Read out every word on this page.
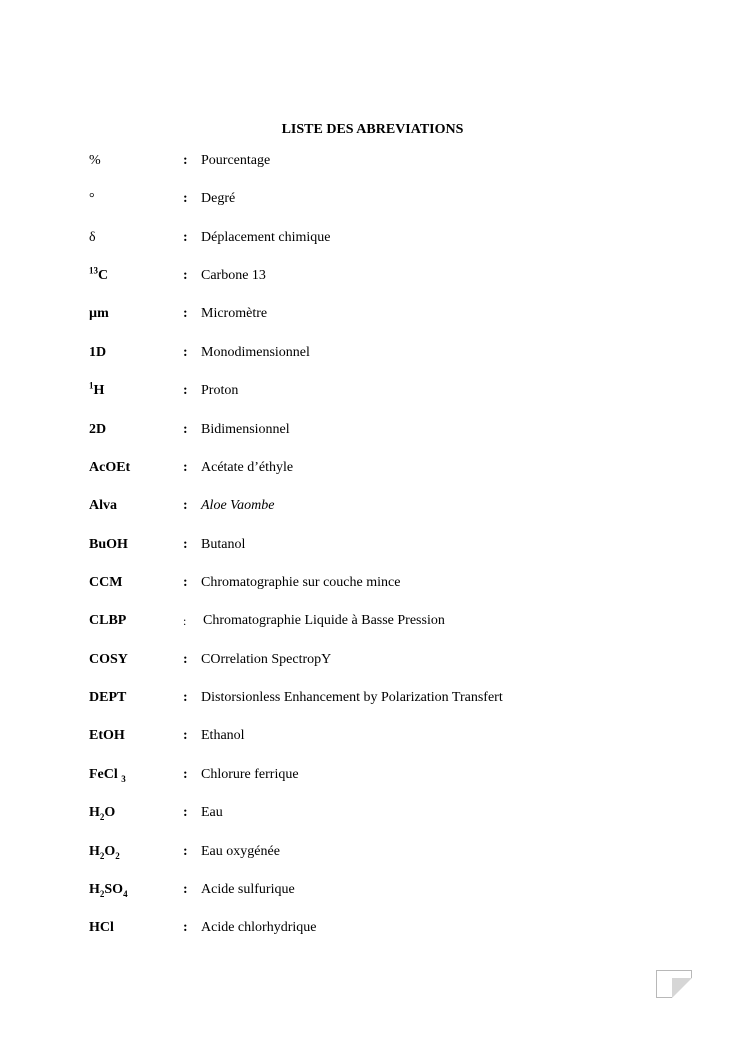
LISTE DES ABREVIATIONS
%	: Pourcentage
°	: Degré
δ	: Déplacement chimique
$^{13}$C	: Carbone 13
µm	: Micromètre
1D	: Monodimensionnel
$^1$H	: Proton
2D	: Bidimensionnel
AcOEt	: Acétate d’éthyle
Alva	: Aloe Vaombe
BuOH	: Butanol
CCM	: Chromatographie sur couche mince
CLBP	: Chromatographie Liquide à Basse Pression
COSY	: COrrelation SpectropY
DEPT	: Distorsionless Enhancement by Polarization Transfert
EtOH	: Ethanol
FeCl $_3$	: Chlorure ferrique
$H_2O$	: Eau
$H_2O_2$	: Eau oxygénée
$H_2SO_4$	: Acide sulfurique
HCl	: Acide chlorhydrique
i
